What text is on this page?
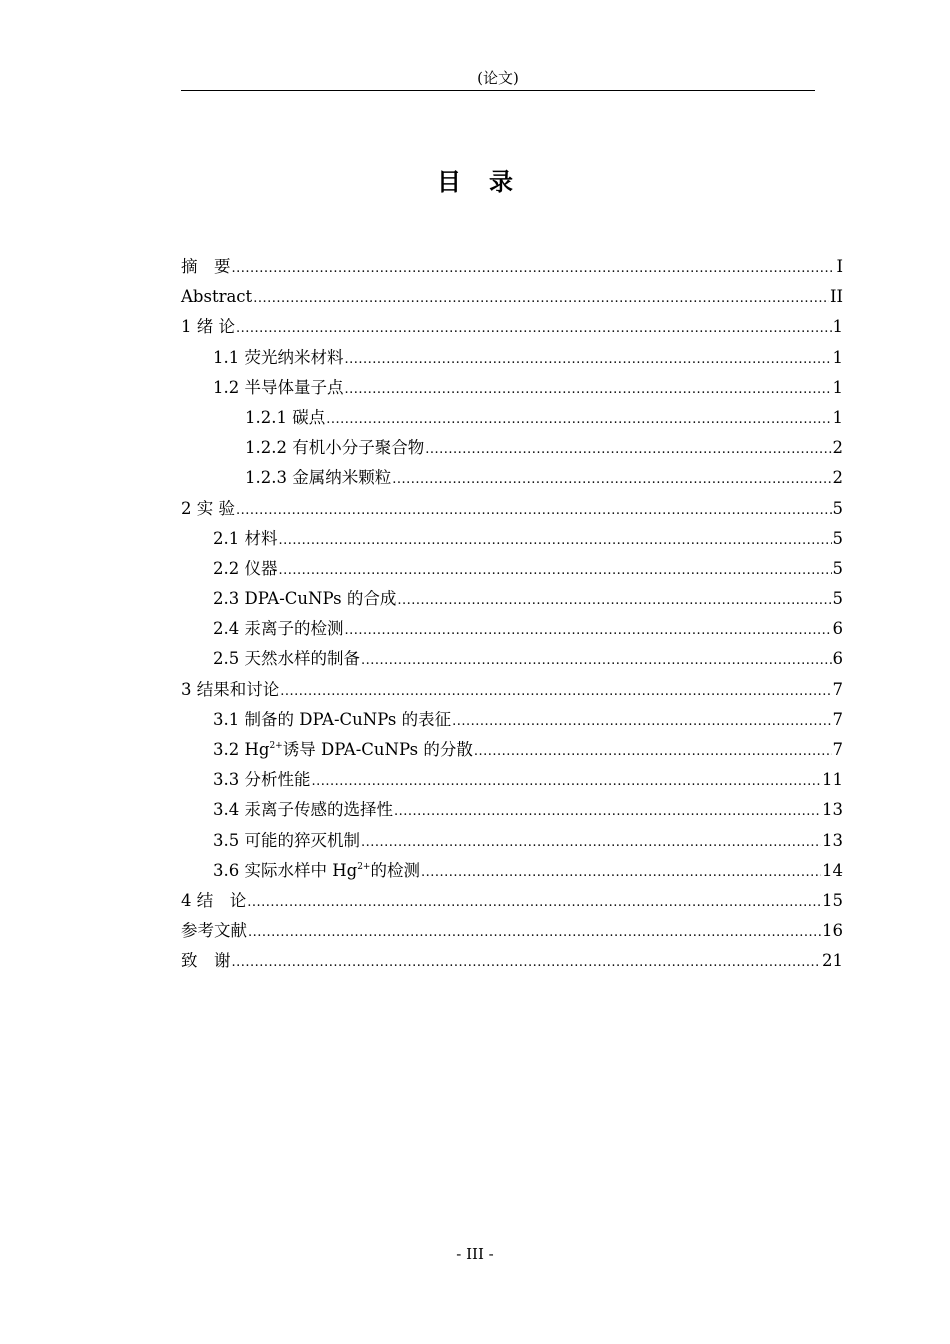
(论文)
目录
摘　要 .....	I
Abstract .....	II
1 绪 论 .....	1
1.1 荧光纳米材料 .....	1
1.2 半导体量子点 .....	1
1.2.1 碳点 .....	1
1.2.2 有机小分子聚合物 .....	2
1.2.3 金属纳米颗粒 .....	2
2 实 验 .....	5
2.1 材料 .....	5
2.2 仪器 .....	5
2.3 DPA-CuNPs 的合成 .....	5
2.4 汞离子的检测 .....	6
2.5 天然水样的制备 .....	6
3 结果和讨论 .....	7
3.1 制备的 DPA-CuNPs 的表征 .....	7
3.2 $Hg^{2+}$诱导 DPA-CuNPs 的分散 .....	7
3.3 分析性能 .....	11
3.4 汞离子传感的选择性 .....	13
3.5 可能的猝灭机制 .....	13
3.6 实际水样中 $Hg^{2+}$的检测 .....	14
4 结　论 .....	15
参考文献 .....	16
致　谢 .....	21
- III -
